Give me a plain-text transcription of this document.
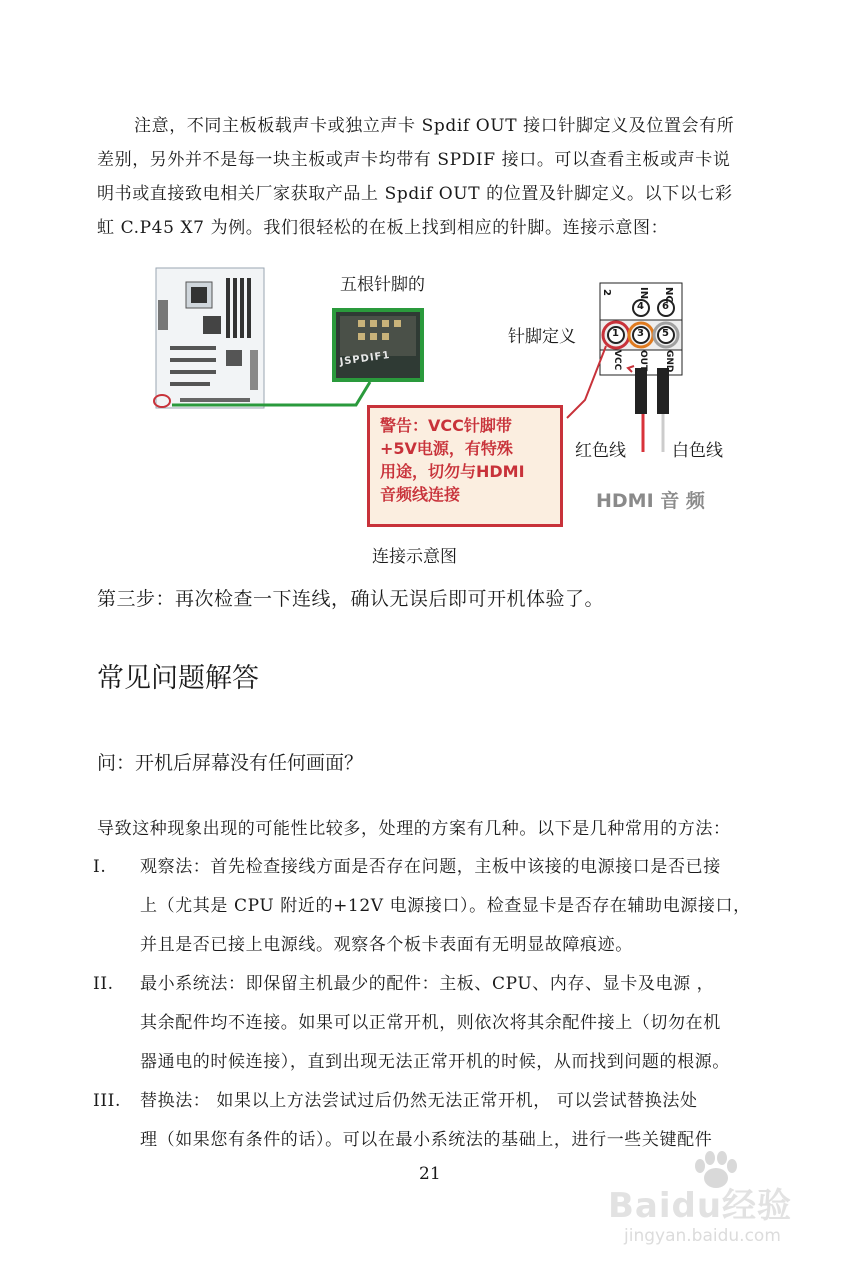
注意，不同主板板载声卡或独立声卡 Spdif OUT 接口针脚定义及位置会有所
差别，另外并不是每一块主板或声卡均带有 SPDIF 接口。可以查看主板或声卡说
明书或直接致电相关厂家获取产品上 Spdif OUT 的位置及针脚定义。以下以七彩
虹 C.P45 X7 为例。我们很轻松的在板上找到相应的针脚。连接示意图：
五根针脚的
JSPDIF1
针脚定义
2	IN NC
1 3 5
4 6
VCC OUT GND
警告：VCC针脚带
+5V电源，有特殊
用途，切勿与HDMI
音频线连接
红色线	白色线
HDMI 音 频
连接示意图
第三步：再次检查一下连线，确认无误后即可开机体验了。
常见问题解答
问：开机后屏幕没有任何画面？
导致这种现象出现的可能性比较多，处理的方案有几种。以下是几种常用的方法：
I. 观察法：首先检查接线方面是否存在问题，主板中该接的电源接口是否已接
上（尤其是 CPU 附近的+12V 电源接口）。检查显卡是否存在辅助电源接口，
并且是否已接上电源线。观察各个板卡表面有无明显故障痕迹。
II. 最小系统法：即保留主机最少的配件：主板、CPU、内存、显卡及电源 ，
其余配件均不连接。如果可以正常开机，则依次将其余配件接上（切勿在机
器通电的时候连接），直到出现无法正常开机的时候，从而找到问题的根源。
III. 替换法： 如果以上方法尝试过后仍然无法正常开机， 可以尝试替换法处
理（如果您有条件的话）。可以在最小系统法的基础上，进行一些关键配件
21
Baidu经验
jingyan.baidu.com
